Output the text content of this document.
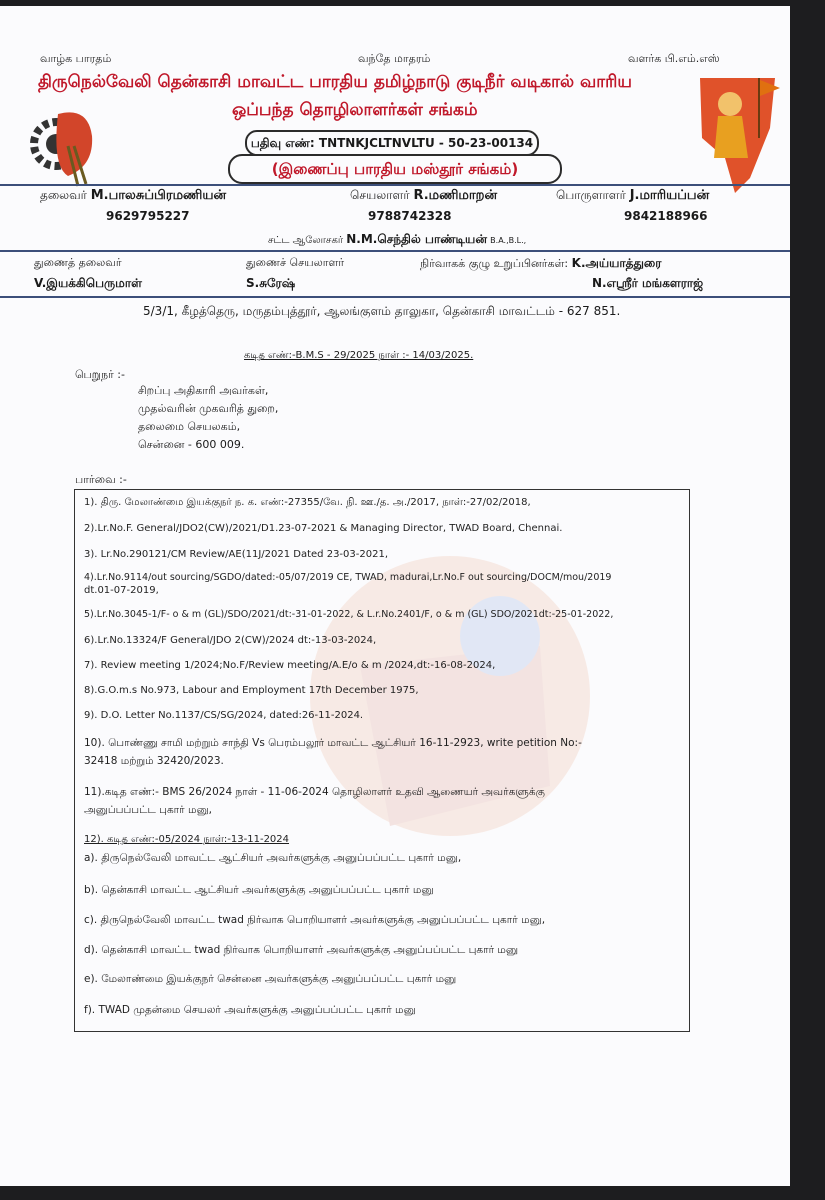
வாழ்க பாரதம்	வந்தே மாதரம்	வளர்க பி.எம்.எஸ்
திருநெல்வேலி தென்காசி மாவட்ட பாரதிய தமிழ்நாடு குடிநீர் வடிகால் வாரிய
ஒப்பந்த தொழிலாளர்கள் சங்கம்
பதிவு எண்: TNTNKJCLTNVLTU - 50-23-00134
(இணைப்பு பாரதிய மஸ்தூர் சங்கம்)
தலைவர் M.பாலசுப்பிரமணியன்
9629795227
செயலாளர் R.மணிமாறன்
9788742328
பொருளாளர் J.மாரியப்பன்
9842188966
சட்ட ஆலோசகர் N.M.செந்தில் பாண்டியன் B.A.,B.L.,
துணைத் தலைவர்
V.இயக்கிபெருமாள்
துணைச் செயலாளர்
S.சுரேஷ்
நிர்வாகக் குழு உறுப்பினர்கள்: K.அய்யாத்துரை
N.எஸ்ரீர் மங்களராஜ்
5/3/1, கீழத்தெரு, மருதம்புத்தூர், ஆலங்குளம் தாலுகா, தென்காசி மாவட்டம் - 627 851.
கடித எண்:-B.M.S - 29/2025 நாள் :- 14/03/2025.
பெறுநர் :-
சிறப்பு அதிகாரி அவர்கள்,
முதல்வரின் முகவரித் துறை,
தலைமை செயலகம்,
சென்னை - 600 009.
பார்வை :-
1). திரு. மேலாண்மை இயக்குநர் ந. க. எண்:-27355/வே. நி. ஊ./த. அ./2017, நாள்:-27/02/2018,
2).Lr.No.F. General/JDO2(CW)/2021/D1.23-07-2021 & Managing Director, TWAD Board, Chennai.
3). Lr.No.290121/CM Review/AE(11J/2021 Dated 23-03-2021,
4).Lr.No.9114/out sourcing/SGDO/dated:-05/07/2019 CE, TWAD, madurai,Lr.No.F out sourcing/DOCM/mou/2019
dt.01-07-2019,
5).Lr.No.3045-1/F- o & m (GL)/SDO/2021/dt:-31-01-2022, & L.r.No.2401/F, o & m (GL) SDO/2021dt:-25-01-2022,
6).Lr.No.13324/F General/JDO 2(CW)/2024 dt:-13-03-2024,
7). Review meeting 1/2024;No.F/Review meeting/A.E/o & m /2024,dt:-16-08-2024,
8).G.O.m.s No.973, Labour and Employment 17th December 1975,
9). D.O. Letter No.1137/CS/SG/2024, dated:26-11-2024.
10). பொண்ணு சாமி மற்றும் சாந்தி Vs பெரம்பலூர் மாவட்ட ஆட்சியர் 16-11-2923, write petition No:-
32418 மற்றும் 32420/2023.
11).கடித எண்:- BMS 26/2024 நாள் - 11-06-2024 தொழிலாளர் உதவி ஆணையர் அவர்களுக்கு
அனுப்பப்பட்ட புகார் மனு,
12). கடித எண்:-05/2024 நாள்:-13-11-2024
a). திருநெல்வேலி மாவட்ட ஆட்சியர் அவர்களுக்கு அனுப்பப்பட்ட புகார் மனு,
b). தென்காசி மாவட்ட ஆட்சியர் அவர்களுக்கு அனுப்பப்பட்ட புகார் மனு
c). திருநெல்வேலி மாவட்ட twad நிர்வாக பொறியாளர் அவர்களுக்கு அனுப்பப்பட்ட புகார் மனு,
d). தென்காசி மாவட்ட twad நிர்வாக பொறியாளர் அவர்களுக்கு அனுப்பப்பட்ட புகார் மனு
e). மேலாண்மை இயக்குநர் சென்னை அவர்களுக்கு அனுப்பப்பட்ட புகார் மனு
f). TWAD முதன்மை செயலர் அவர்களுக்கு அனுப்பப்பட்ட புகார் மனு
